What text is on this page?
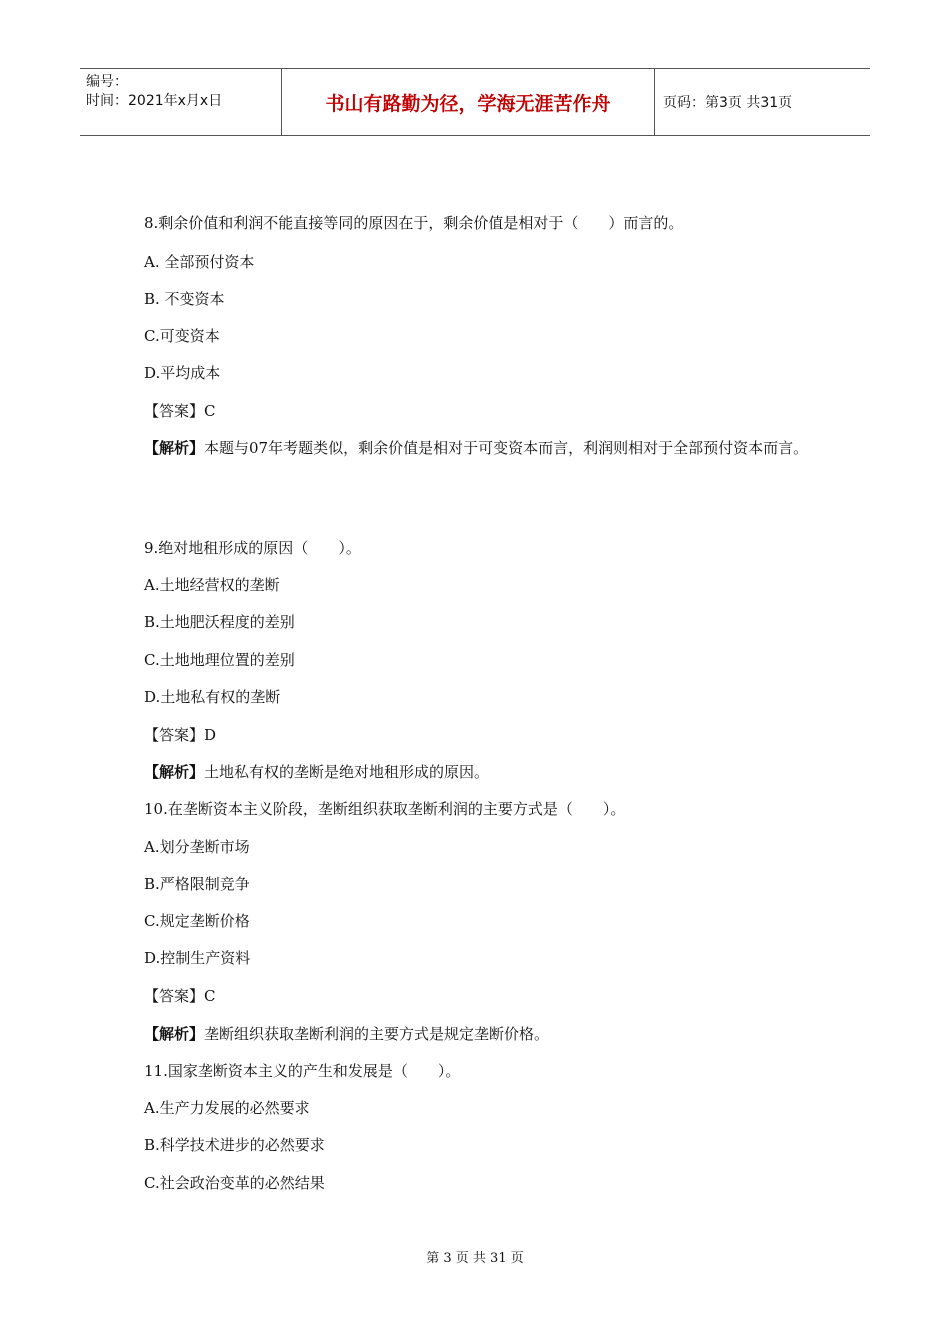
编号：
时间：2021年x月x日	书山有路勤为径，学海无涯苦作舟	页码：第3页 共31页
8.剩余价值和利润不能直接等同的原因在于，剩余价值是相对于（　　）而言的。
A. 全部预付资本
B. 不变资本
C.可变资本
D.平均成本
【答案】C
【解析】本题与07年考题类似，剩余价值是相对于可变资本而言，利润则相对于全部预付资本而言。
9.绝对地租形成的原因（　　）。
A.土地经营权的垄断
B.土地肥沃程度的差别
C.土地地理位置的差别
D.土地私有权的垄断
【答案】D
【解析】土地私有权的垄断是绝对地租形成的原因。
10.在垄断资本主义阶段，垄断组织获取垄断利润的主要方式是（　　）。
A.划分垄断市场
B.严格限制竞争
C.规定垄断价格
D.控制生产资料
【答案】C
【解析】垄断组织获取垄断利润的主要方式是规定垄断价格。
11.国家垄断资本主义的产生和发展是（　　）。
A.生产力发展的必然要求
B.科学技术进步的必然要求
C.社会政治变革的必然结果
第 3 页 共 31 页
